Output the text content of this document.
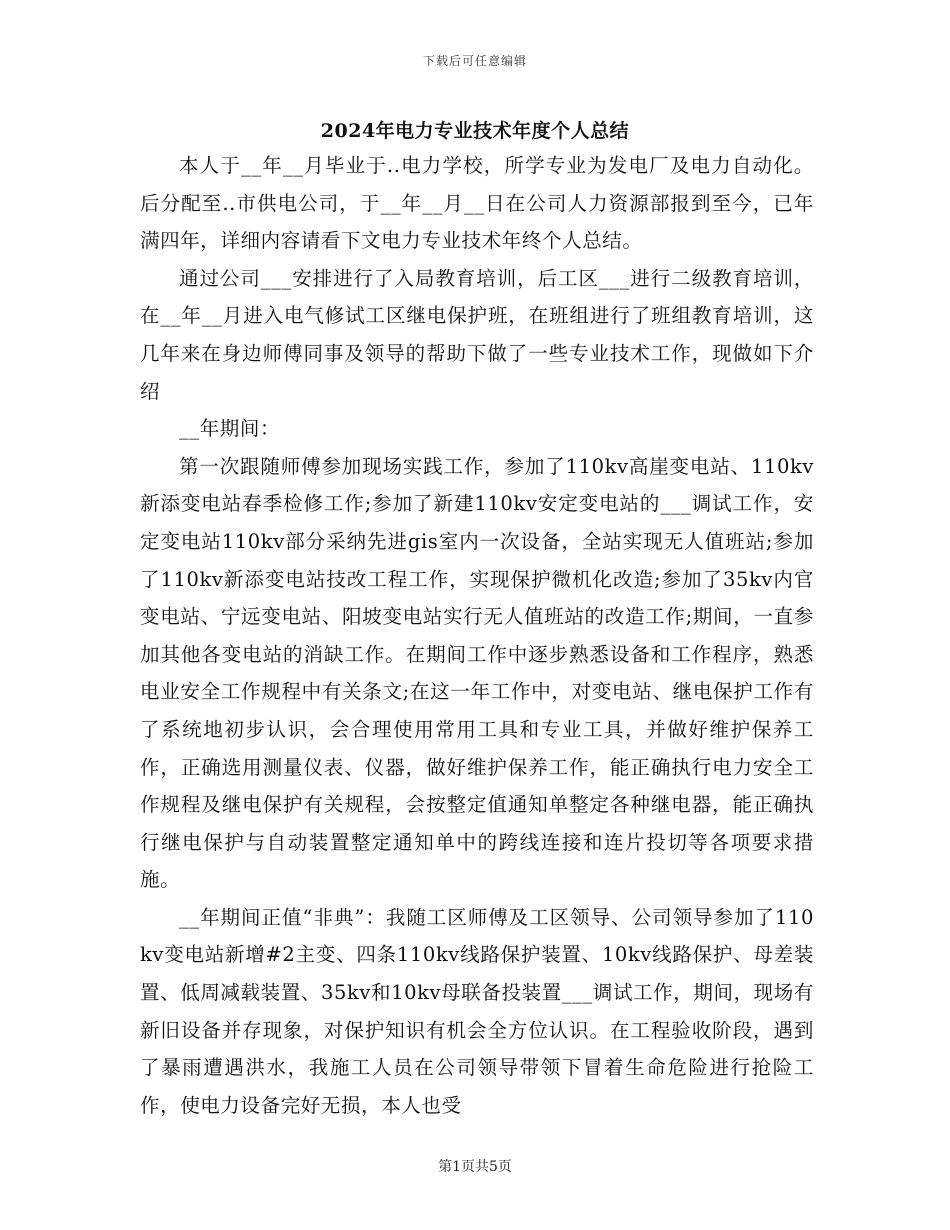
下载后可任意编辑
2024年电力专业技术年度个人总结

本人于__年__月毕业于..电力学校，所学专业为发电厂及电力自动化。后分配至..市供电公司，于__年__月__日在公司人力资源部报到至今，已年满四年，详细内容请看下文电力专业技术年终个人总结。

通过公司___安排进行了入局教育培训，后工区___进行二级教育培训，在__年__月进入电气修试工区继电保护班，在班组进行了班组教育培训，这几年来在身边师傅同事及领导的帮助下做了一些专业技术工作，现做如下介绍

__年期间：

第一次跟随师傅参加现场实践工作，参加了110kv高崖变电站、110kv新添变电站春季检修工作;参加了新建110kv安定变电站的___调试工作，安定变电站110kv部分采纳先进gis室内一次设备，全站实现无人值班站;参加了110kv新添变电站技改工程工作，实现保护微机化改造;参加了35kv内官变电站、宁远变电站、阳坡变电站实行无人值班站的改造工作;期间，一直参加其他各变电站的消缺工作。在期间工作中逐步熟悉设备和工作程序，熟悉电业安全工作规程中有关条文;在这一年工作中，对变电站、继电保护工作有了系统地初步认识，会合理使用常用工具和专业工具，并做好维护保养工作，正确选用测量仪表、仪器，做好维护保养工作，能正确执行电力安全工作规程及继电保护有关规程，会按整定值通知单整定各种继电器，能正确执行继电保护与自动装置整定通知单中的跨线连接和连片投切等各项要求措施。

__年期间正值“非典”：我随工区师傅及工区领导、公司领导参加了110kv变电站新增#2主变、四条110kv线路保护装置、10kv线路保护、母差装置、低周减载装置、35kv和10kv母联备投装置___调试工作，期间，现场有新旧设备并存现象，对保护知识有机会全方位认识。在工程验收阶段，遇到了暴雨遭遇洪水，我施工人员在公司领导带领下冒着生命危险进行抢险工作，使电力设备完好无损，本人也受

第1页共5页
